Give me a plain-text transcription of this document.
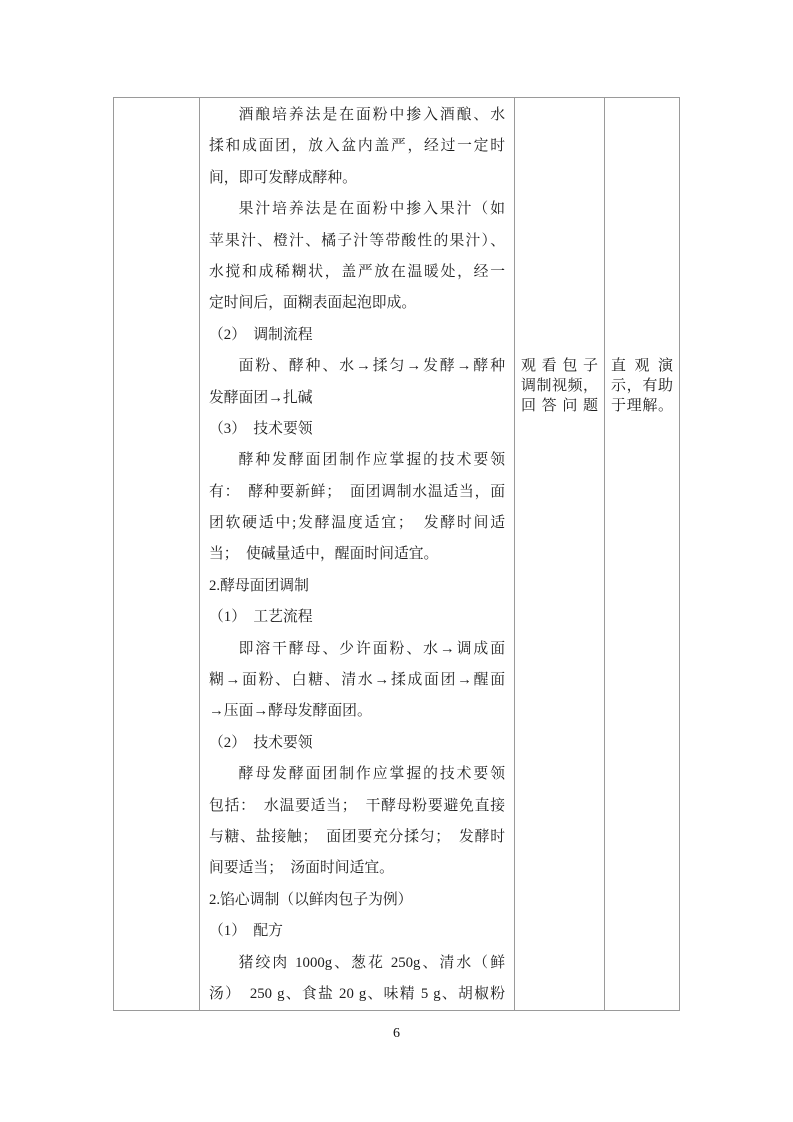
酒酿培养法是在面粉中掺入酒酿、水
揉和成面团，放入盆内盖严，经过一定时
间，即可发酵成酵种。
果汁培养法是在面粉中掺入果汁（如
苹果汁、橙汁、橘子汁等带酸性的果汁）、
水搅和成稀糊状，盖严放在温暖处，经一
定时间后，面糊表面起泡即成。
（2）　调制流程
面粉、酵种、水→揉匀→发酵→酵种
发酵面团→扎碱
（3）　技术要领
酵种发酵面团制作应掌握的技术要领
有：　酵种要新鲜；　面团调制水温适当，面
团软硬适中;发酵温度适宜；　发酵时间适
当；　使碱量适中，醒面时间适宜。
2.酵母面团调制
（1）　工艺流程
即溶干酵母、少许面粉、水→调成面
糊→面粉、白糖、清水→揉成面团→醒面
→压面→酵母发酵面团。
（2）　技术要领
酵母发酵面团制作应掌握的技术要领
包括：　水温要适当；　干酵母粉要避免直接
与糖、盐接触；　面团要充分揉匀；　发酵时
间要适当；　汤面时间适宜。
2.馅心调制（以鲜肉包子为例）
（1）　配方
猪绞肉 1000g、葱花 250g、清水（鲜
汤）　250 g、食盐 20 g、味精 5 g、胡椒粉
观看包子
调制视频，
回答问题
直观演
示，有助
于理解。
6
